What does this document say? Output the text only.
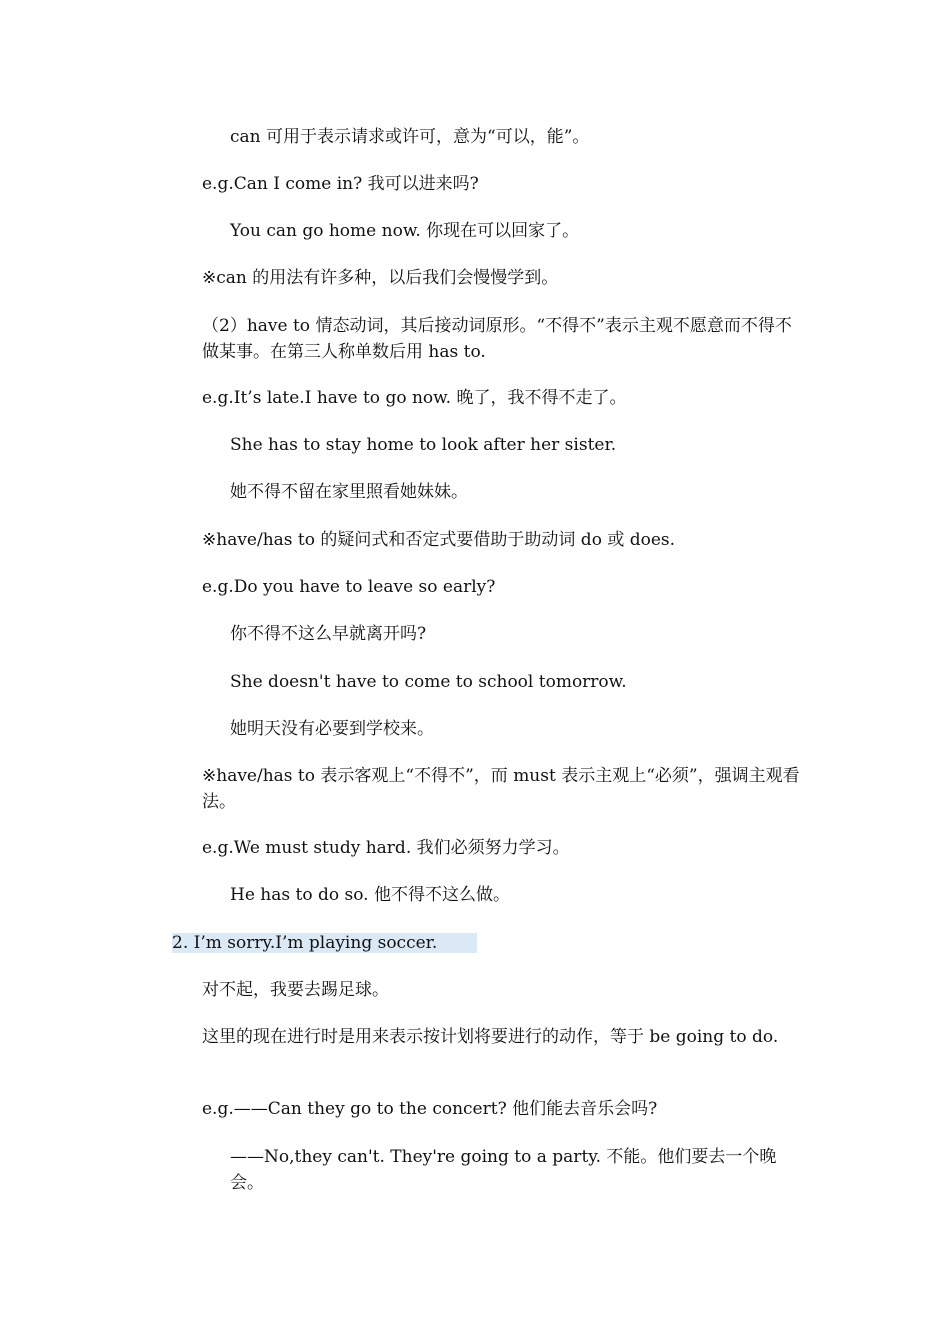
can 可用于表示请求或许可，意为“可以，能”。
e.g.Can I come in? 我可以进来吗?
You can go home now. 你现在可以回家了。
※can 的用法有许多种，以后我们会慢慢学到。
（2）have to 情态动词，其后接动词原形。“不得不”表示主观不愿意而不得不做某事。在第三人称单数后用 has to.
e.g.It’s late.I have to go now. 晚了，我不得不走了。
She has to stay home to look after her sister.
她不得不留在家里照看她妹妹。
※have/has to 的疑问式和否定式要借助于助动词 do 或 does.
e.g.Do you have to leave so early?
你不得不这么早就离开吗?
She doesn't have to come to school tomorrow.
她明天没有必要到学校来。
※have/has to 表示客观上“不得不”，而 must 表示主观上“必须”，强调主观看法。
e.g.We must study hard. 我们必须努力学习。
He has to do so. 他不得不这么做。
2. I’m sorry.I’m playing soccer.
对不起，我要去踢足球。
这里的现在进行时是用来表示按计划将要进行的动作，等于 be going to do.
e.g.——Can they go to the concert? 他们能去音乐会吗?
——No,they can't. They're going to a party. 不能。他们要去一个晚会。
